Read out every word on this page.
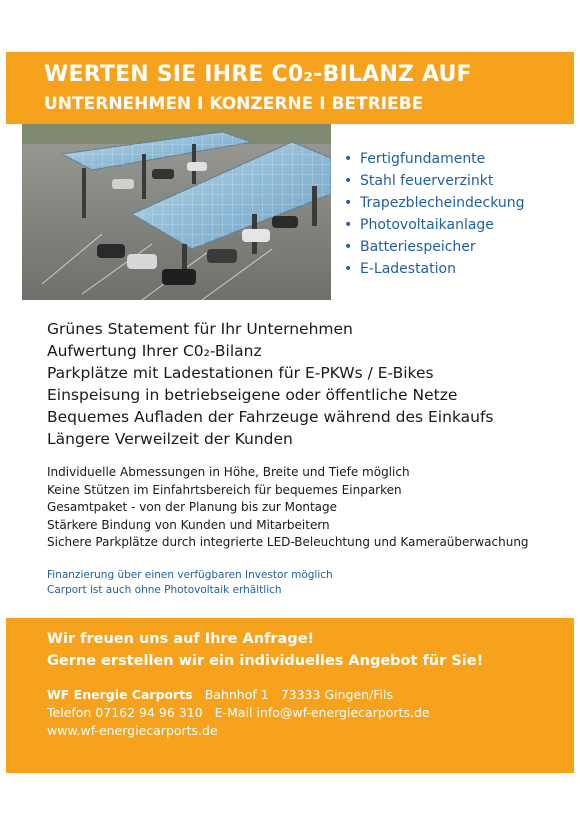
WERTEN SIE IHRE C0₂-BILANZ AUF
UNTERNEHMEN I KONZERNE I BETRIEBE
• Fertigfundamente
• Stahl feuerverzinkt
• Trapezblecheindeckung
• Photovoltaikanlage
• Batteriespeicher
• E-Ladestation
Grünes Statement für Ihr Unternehmen
Aufwertung Ihrer C0₂-Bilanz
Parkplätze mit Ladestationen für E-PKWs / E-Bikes
Einspeisung in betriebseigene oder öffentliche Netze
Bequemes Aufladen der Fahrzeuge während des Einkaufs
Längere Verweilzeit der Kunden
Individuelle Abmessungen in Höhe, Breite und Tiefe möglich
Keine Stützen im Einfahrtsbereich für bequemes Einparken
Gesamtpaket - von der Planung bis zur Montage
Stärkere Bindung von Kunden und Mitarbeitern
Sichere Parkplätze durch integrierte LED-Beleuchtung und Kameraüberwachung
Finanzierung über einen verfügbaren Investor möglich
Carport ist auch ohne Photovoltaik erhältlich
Wir freuen uns auf Ihre Anfrage!
Gerne erstellen wir ein individuelles Angebot für Sie!
WF Energie Carports Bahnhof 1 73333 Gingen/Fils
Telefon 07162 94 96 310 E-Mail info@wf-energiecarports.de
www.wf-energiecarports.de
